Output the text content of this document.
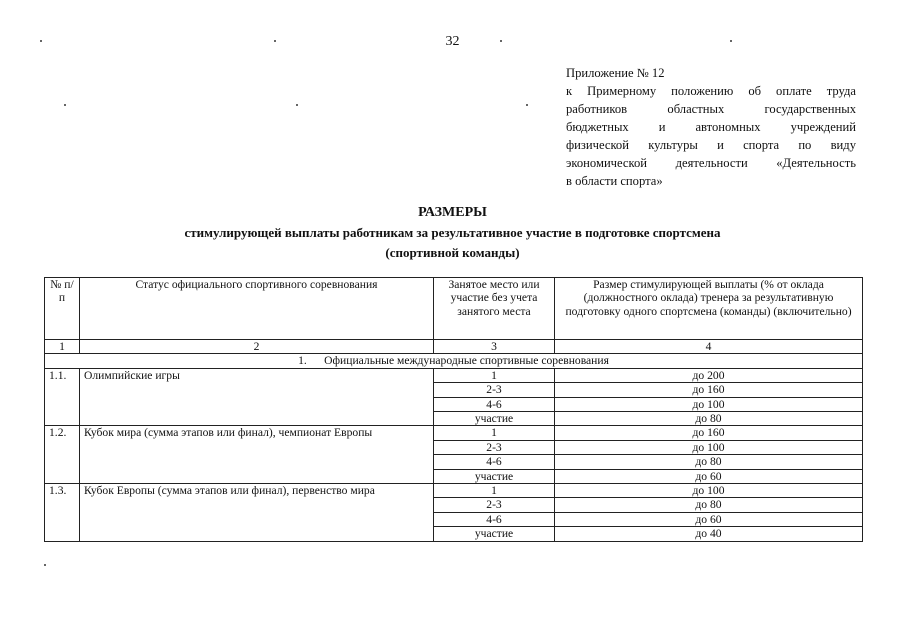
32
Приложение № 12
к Примерному положению об оплате труда
работников областных государственных
бюджетных и автономных учреждений
физической культуры и спорта по виду
экономической деятельности «Деятельность
в области спорта»
РАЗМЕРЫ
стимулирующей выплаты работникам за результативное участие в подготовке спортсмена
(спортивной команды)
№ п/п	Статус официального спортивного соревнования	Занятое место или участие без учета занятого места	Размер стимулирующей выплаты (% от оклада (должностного оклада) тренера за результативную подготовку одного спортсмена (команды) (включительно)
1	2	3	4
1.      Официальные международные спортивные соревнования			
1.1.	Олимпийские игры	1	до 200
		2-3	до 160
		4-6	до 100
		участие	до 80
1.2.	Кубок мира (сумма этапов или финал), чемпионат Европы	1	до 160
		2-3	до 100
		4-6	до 80
		участие	до 60
1.3.	Кубок Европы (сумма этапов или финал), первенство мира	1	до 100
		2-3	до 80
		4-6	до 60
		участие	до 40
